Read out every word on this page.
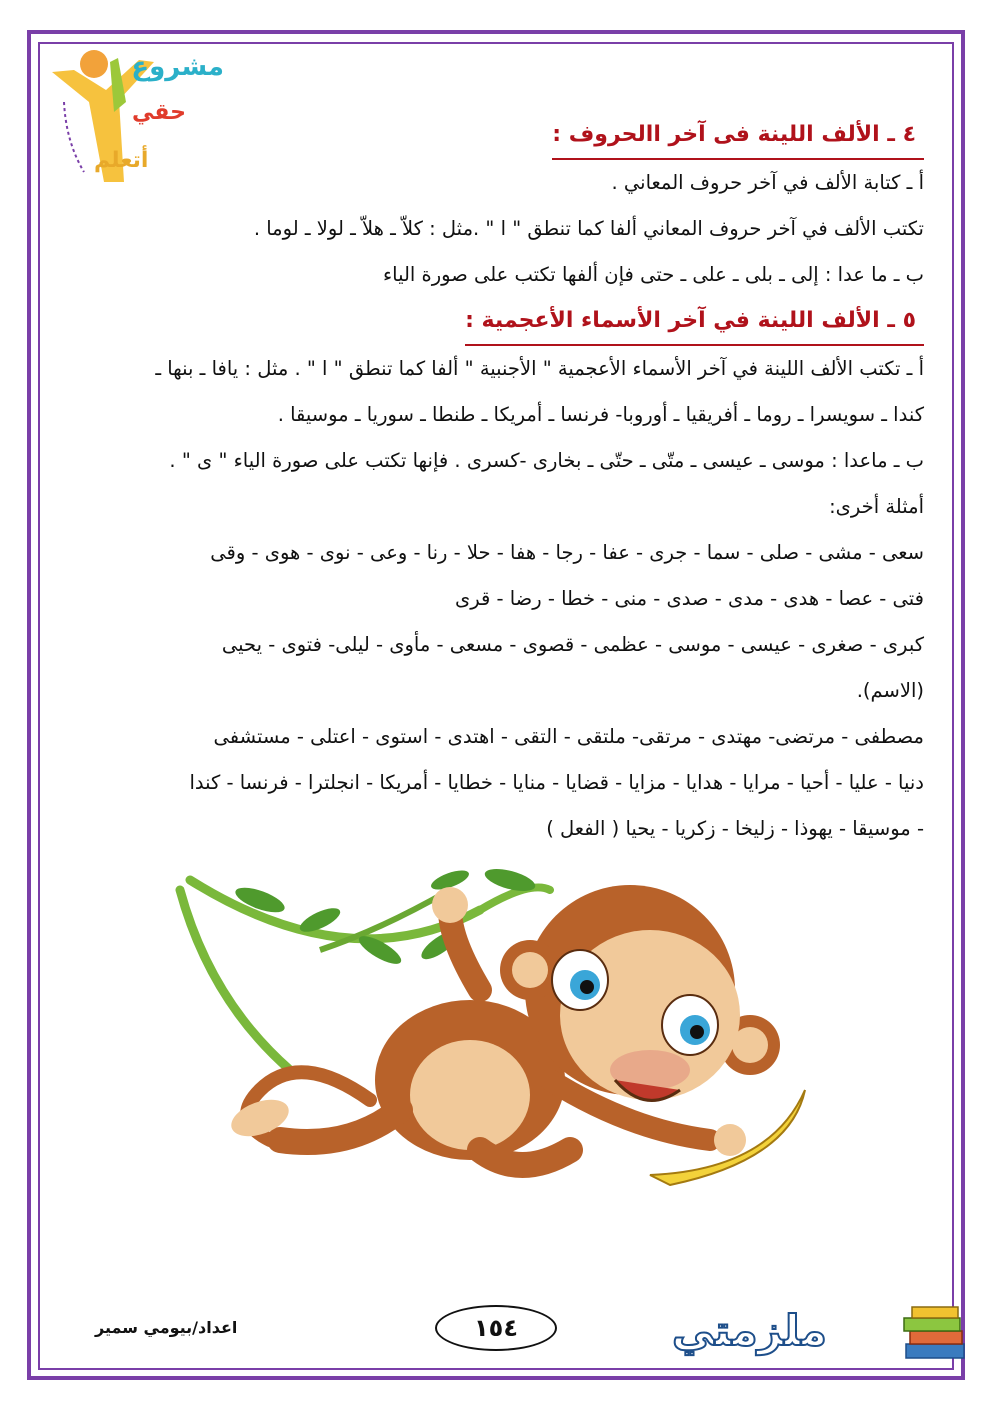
مشروع
حقي
أتعلم
٤ ـ الألف اللينة فى آخر االحروف :
أ ـ كتابة الألف في آخر حروف المعاني .
تكتب الألف في آخر حروف المعاني ألفا كما تنطق " ا " .مثل : كلاّ ـ هلاّ ـ لولا ـ لوما .
ب ـ ما عدا : إلى ـ بلى ـ على ـ حتى فإن ألفها تكتب على صورة الياء
٥ ـ الألف اللينة في آخر الأسماء الأعجمية :
أ ـ تكتب الألف اللينة في آخر الأسماء الأعجمية " الأجنبية " ألفا كما تنطق " ا " . مثل : يافا ـ بنها ـ
كندا ـ سويسرا ـ روما ـ أفريقيا ـ أوروبا- فرنسا ـ أمريكا ـ طنطا ـ سوريا ـ موسيقا .
ب ـ ماعدا : موسى ـ عيسى ـ متّى ـ حتّى ـ بخارى -كسرى . فإنها تكتب على صورة الياء " ى " .
أمثلة أخرى:
سعى - مشى - صلى - سما - جرى - عفا - رجا - هفا - حلا - رنا - وعى - نوى - هوى - وقى
فتى - عصا - هدى - مدى - صدى - منى - خطا - رضا - قرى
كبرى - صغرى - عيسى - موسى - عظمى - قصوى - مسعى - مأوى - ليلى- فتوى - يحيى
(الاسم).
مصطفى - مرتضى- مهتدى - مرتقى- ملتقى - التقى - اهتدى - استوى - اعتلى - مستشفى
دنيا - عليا - أحيا - مرايا - هدايا - مزايا - قضايا - منايا - خطايا - أمريكا - انجلترا - فرنسا - كندا
- موسيقا - يهوذا - زليخا - زكريا - يحيا ( الفعل )
اعداد/بيومي سمير	١٥٤	ملزمتي
